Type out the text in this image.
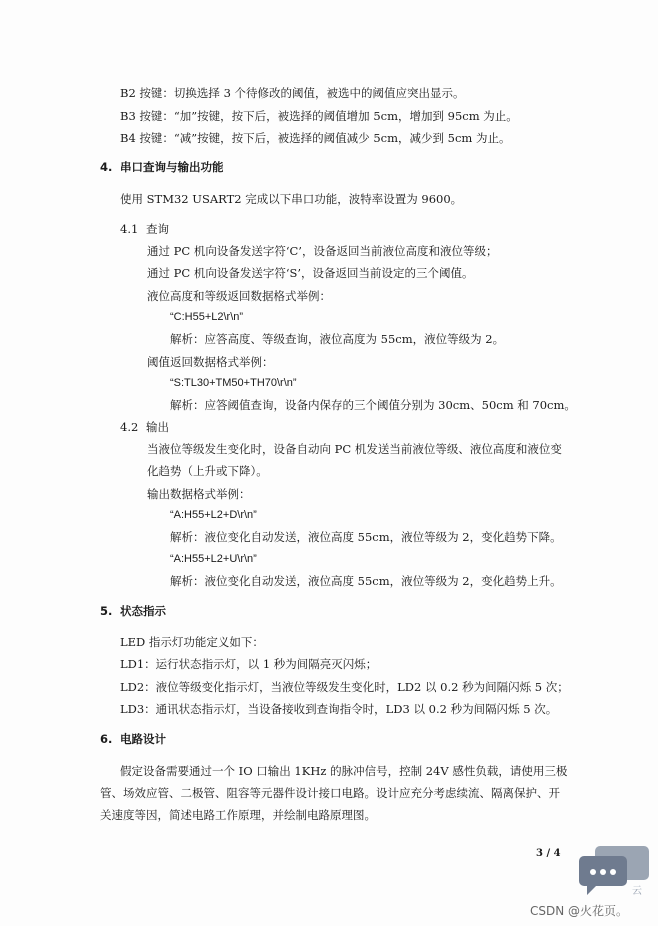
B2 按键：切换选择 3 个待修改的阈值，被选中的阈值应突出显示。
B3 按键：“加”按键，按下后，被选择的阈值增加 5cm，增加到 95cm 为止。
B4 按键：“减”按键，按下后，被选择的阈值减少 5cm，减少到 5cm 为止。
4. 串口查询与输出功能
使用 STM32 USART2 完成以下串口功能，波特率设置为 9600。
4.1 查询
通过 PC 机向设备发送字符‘C’，设备返回当前液位高度和液位等级；
通过 PC 机向设备发送字符‘S’，设备返回当前设定的三个阈值。
液位高度和等级返回数据格式举例：
“C:H55+L2\r\n”
解析：应答高度、等级查询，液位高度为 55cm，液位等级为 2。
阈值返回数据格式举例：
“S:TL30+TM50+TH70\r\n”
解析：应答阈值查询，设备内保存的三个阈值分别为 30cm、50cm 和 70cm。
4.2 输出
当液位等级发生变化时，设备自动向 PC 机发送当前液位等级、液位高度和液位变
化趋势（上升或下降）。
输出数据格式举例：
“A:H55+L2+D\r\n”
解析：液位变化自动发送，液位高度 55cm，液位等级为 2，变化趋势下降。
“A:H55+L2+U\r\n”
解析：液位变化自动发送，液位高度 55cm，液位等级为 2，变化趋势上升。
5. 状态指示
LED 指示灯功能定义如下：
LD1：运行状态指示灯，以 1 秒为间隔亮灭闪烁；
LD2：液位等级变化指示灯，当液位等级发生变化时，LD2 以 0.2 秒为间隔闪烁 5 次；
LD3：通讯状态指示灯，当设备接收到查询指令时，LD3 以 0.2 秒为间隔闪烁 5 次。
6. 电路设计
假定设备需要通过一个 IO 口输出 1KHz 的脉冲信号，控制 24V 感性负载，请使用三极
管、场效应管、二极管、阻容等元器件设计接口电路。设计应充分考虑续流、隔离保护、开
关速度等因，简述电路工作原理，并绘制电路原理图。
3 / 4
云
CSDN @火花页。
